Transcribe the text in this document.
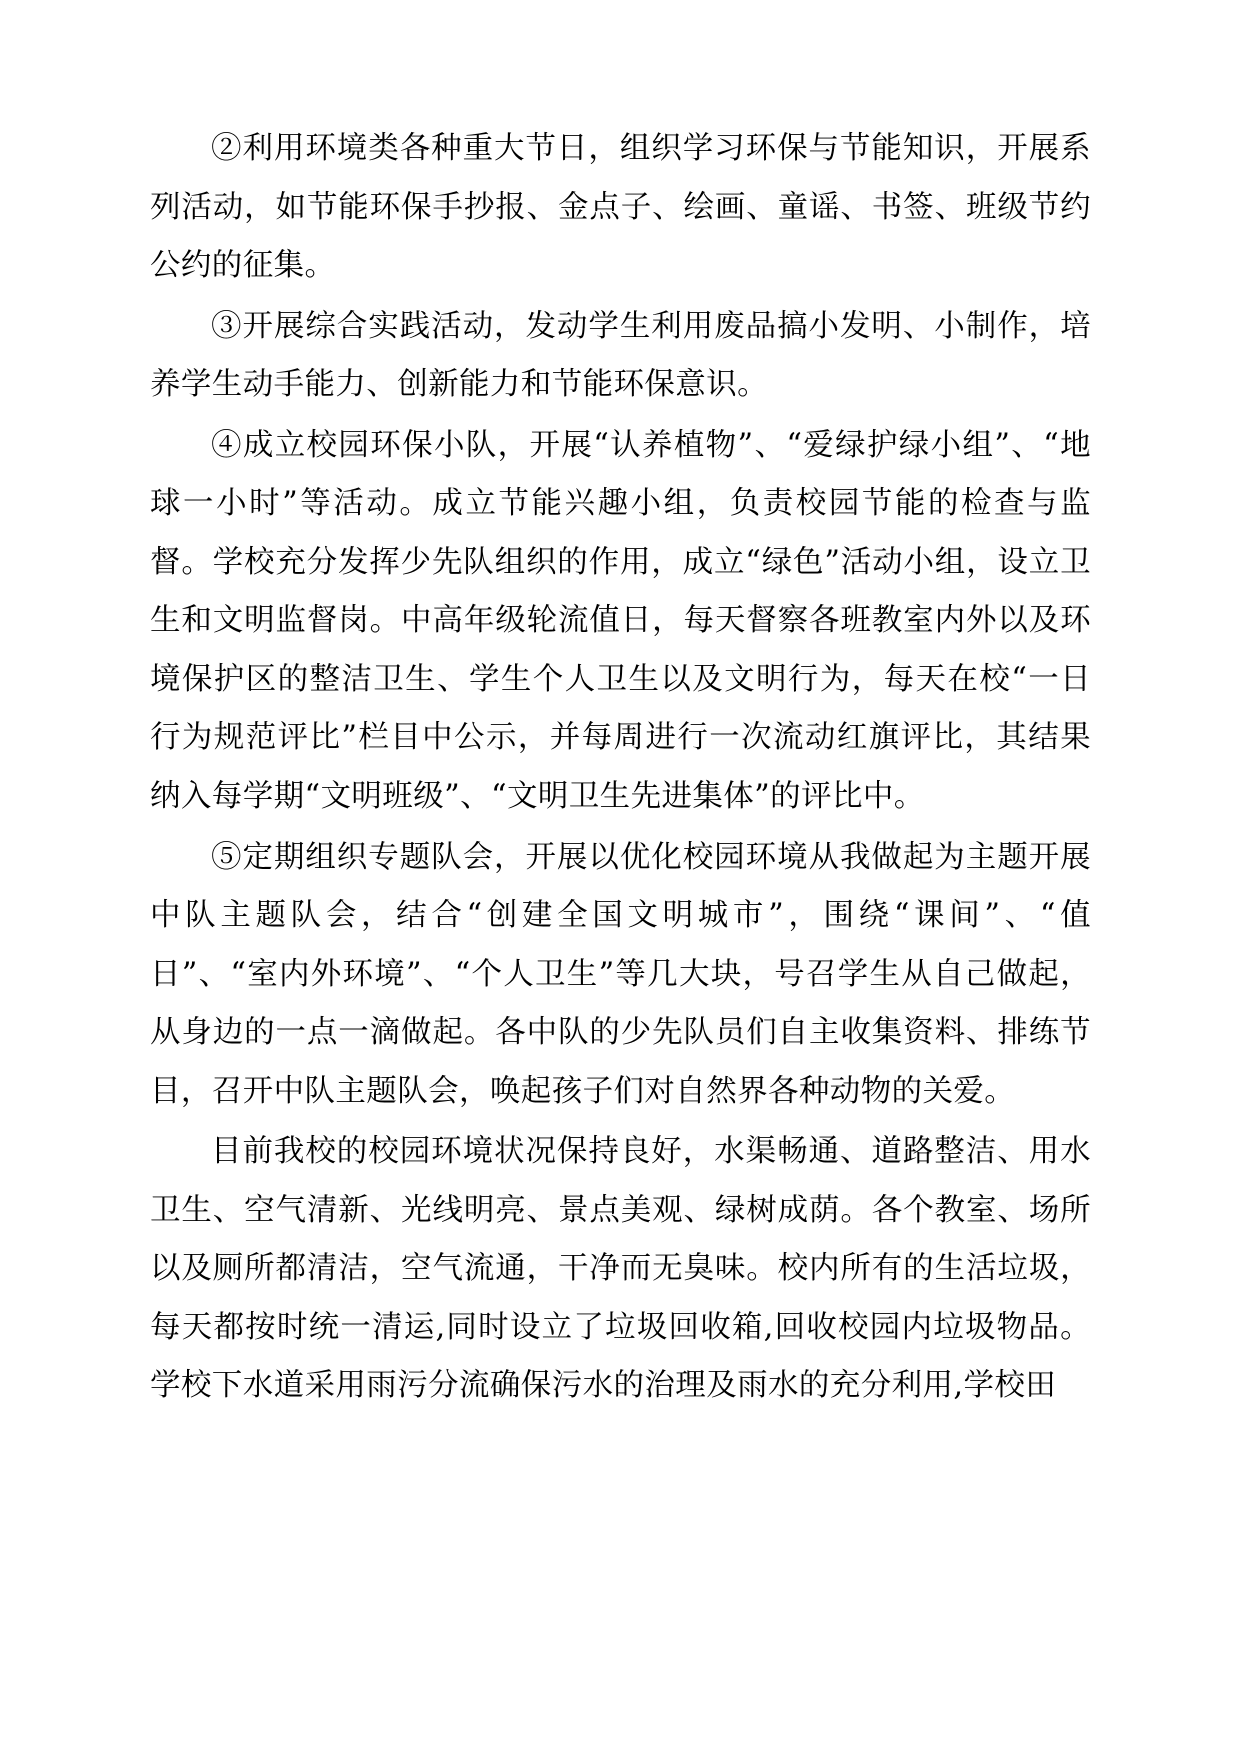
②利用环境类各种重大节日，组织学习环保与节能知识，开展系列活动，如节能环保手抄报、金点子、绘画、童谣、书签、班级节约公约的征集。

③开展综合实践活动，发动学生利用废品搞小发明、小制作，培养学生动手能力、创新能力和节能环保意识。

④成立校园环保小队，开展“认养植物”、“爱绿护绿小组”、“地球一小时”等活动。成立节能兴趣小组，负责校园节能的检查与监督。学校充分发挥少先队组织的作用，成立“绿色”活动小组，设立卫生和文明监督岗。中高年级轮流值日，每天督察各班教室内外以及环境保护区的整洁卫生、学生个人卫生以及文明行为，每天在校“一日行为规范评比”栏目中公示，并每周进行一次流动红旗评比，其结果纳入每学期“文明班级”、“文明卫生先进集体”的评比中。

⑤定期组织专题队会，开展以优化校园环境从我做起为主题开展中队主题队会，结合“创建全国文明城市”，围绕“课间”、“值日”、“室内外环境”、“个人卫生”等几大块，号召学生从自己做起，从身边的一点一滴做起。各中队的少先队员们自主收集资料、排练节目，召开中队主题队会，唤起孩子们对自然界各种动物的关爱。

目前我校的校园环境状况保持良好，水渠畅通、道路整洁、用水卫生、空气清新、光线明亮、景点美观、绿树成荫。各个教室、场所以及厕所都清洁，空气流通，干净而无臭味。校内所有的生活垃圾，每天都按时统一清运,同时设立了垃圾回收箱,回收校园内垃圾物品。学校下水道采用雨污分流确保污水的治理及雨水的充分利用,学校田
